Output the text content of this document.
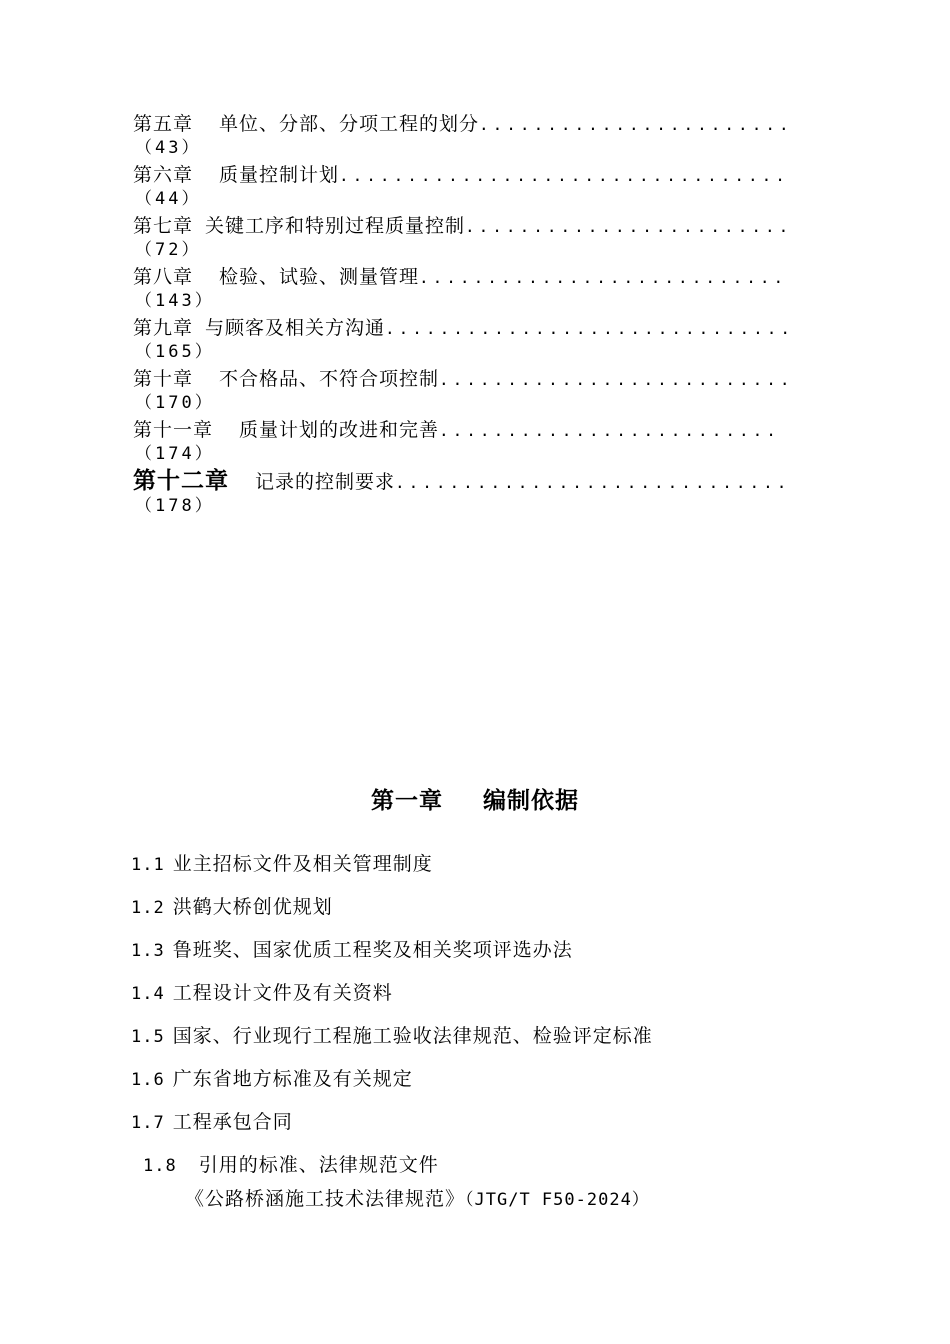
第五章 单位、分部、分项工程的划分
.....
（43）
第六章 质量控制计划
.....
（44）
第七章 关键工序和特别过程质量控制
.....
（72）
第八章 检验、试验、测量管理
.....
（143）
第九章 与顾客及相关方沟通
.....
（165）
第十章 不合格品、不符合项控制
.....
（170）
第十一章 质量计划的改进和完善
.....
（174）
第十二章 记录的控制要求
.....
（178）
第一章 编制依据
1.1 业主招标文件及相关管理制度
1.2 洪鹤大桥创优规划
1.3 鲁班奖、国家优质工程奖及相关奖项评选办法
1.4 工程设计文件及有关资料
1.5 国家、行业现行工程施工验收法律规范、检验评定标准
1.6 广东省地方标准及有关规定
1.7 工程承包合同
1.8 引用的标准、法律规范文件
《公路桥涵施工技术法律规范》（JTG/T F50-2024）
